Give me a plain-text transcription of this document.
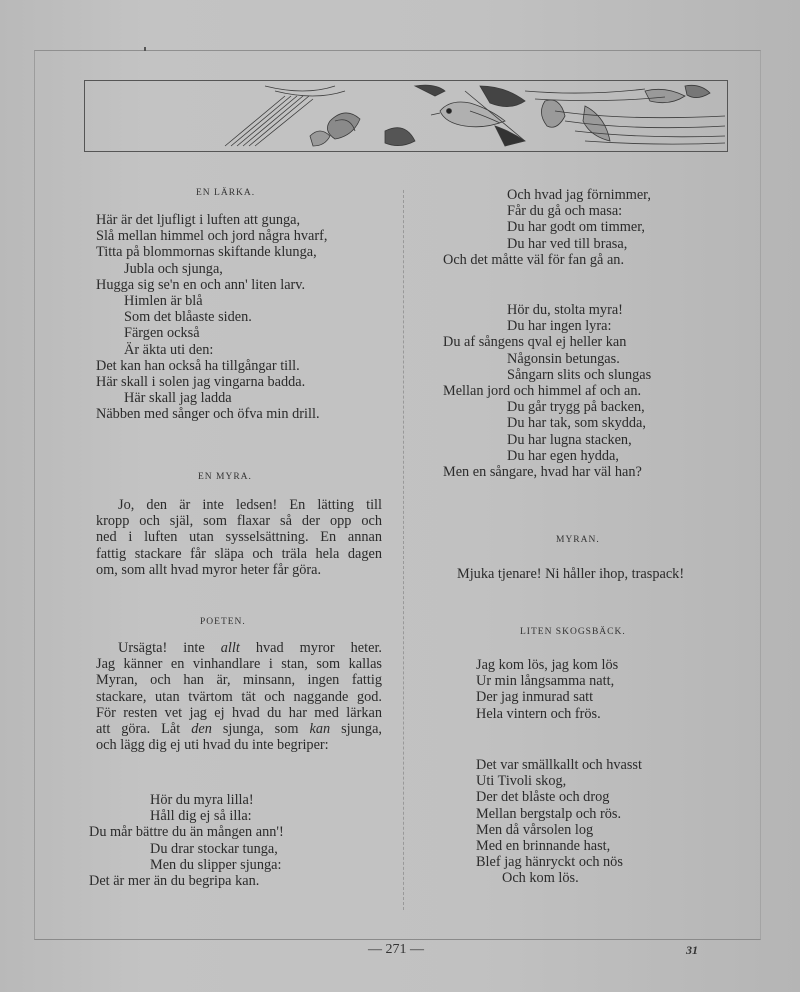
EN LÄRKA.
Här är det ljufligt i luften att gunga,
Slå mellan himmel och jord några hvarf,
Titta på blommornas skiftande klunga,
Jubla och sjunga,
Hugga sig se'n en och ann' liten larv.
Himlen är blå
Som det blåaste siden.
Färgen också
Är äkta uti den:
Det kan han också ha tillgångar till.
Här skall i solen jag vingarna badda.
Här skall jag ladda
Näbben med sånger och öfva min drill.
EN MYRA.
Jo, den är inte ledsen! En lätting till
kropp och själ, som flaxar så der opp och
ned i luften utan sysselsättning. En annan
fattig stackare får släpa och träla hela dagen
om, som allt hvad myror heter får göra.
POETEN.
Ursägta! inte allt hvad myror heter.
Jag känner en vinhandlare i stan, som kallas
Myran, och han är, minsann, ingen fattig
stackare, utan tvärtom tät och naggande god.
För resten vet jag ej hvad du har med lärkan
att göra. Låt den sjunga, som kan sjunga,
och lägg dig ej uti hvad du inte begriper:
Hör du myra lilla!
Håll dig ej så illa:
Du mår bättre du än mången ann'!
Du drar stockar tunga,
Men du slipper sjunga:
Det är mer än du begripa kan.
Och hvad jag förnimmer,
Får du gå och masa:
Du har godt om timmer,
Du har ved till brasa,
Och det måtte väl för fan gå an.
Hör du, stolta myra!
Du har ingen lyra:
Du af sångens qval ej heller kan
Någonsin betungas.
Sångarn slits och slungas
Mellan jord och himmel af och an.
Du går trygg på backen,
Du har tak, som skydda,
Du har lugna stacken,
Du har egen hydda,
Men en sångare, hvad har väl han?
MYRAN.
Mjuka tjenare! Ni håller ihop, traspack!
LITEN SKOGSBÄCK.
Jag kom lös, jag kom lös
Ur min långsamma natt,
Der jag inmurad satt
Hela vintern och frös.
Det var smällkallt och hvasst
Uti Tivoli skog,
Der det blåste och drog
Mellan bergstalp och rös.
Men då vårsolen log
Med en brinnande hast,
Blef jag hänryckt och nös
Och kom lös.
— 271 —	31
